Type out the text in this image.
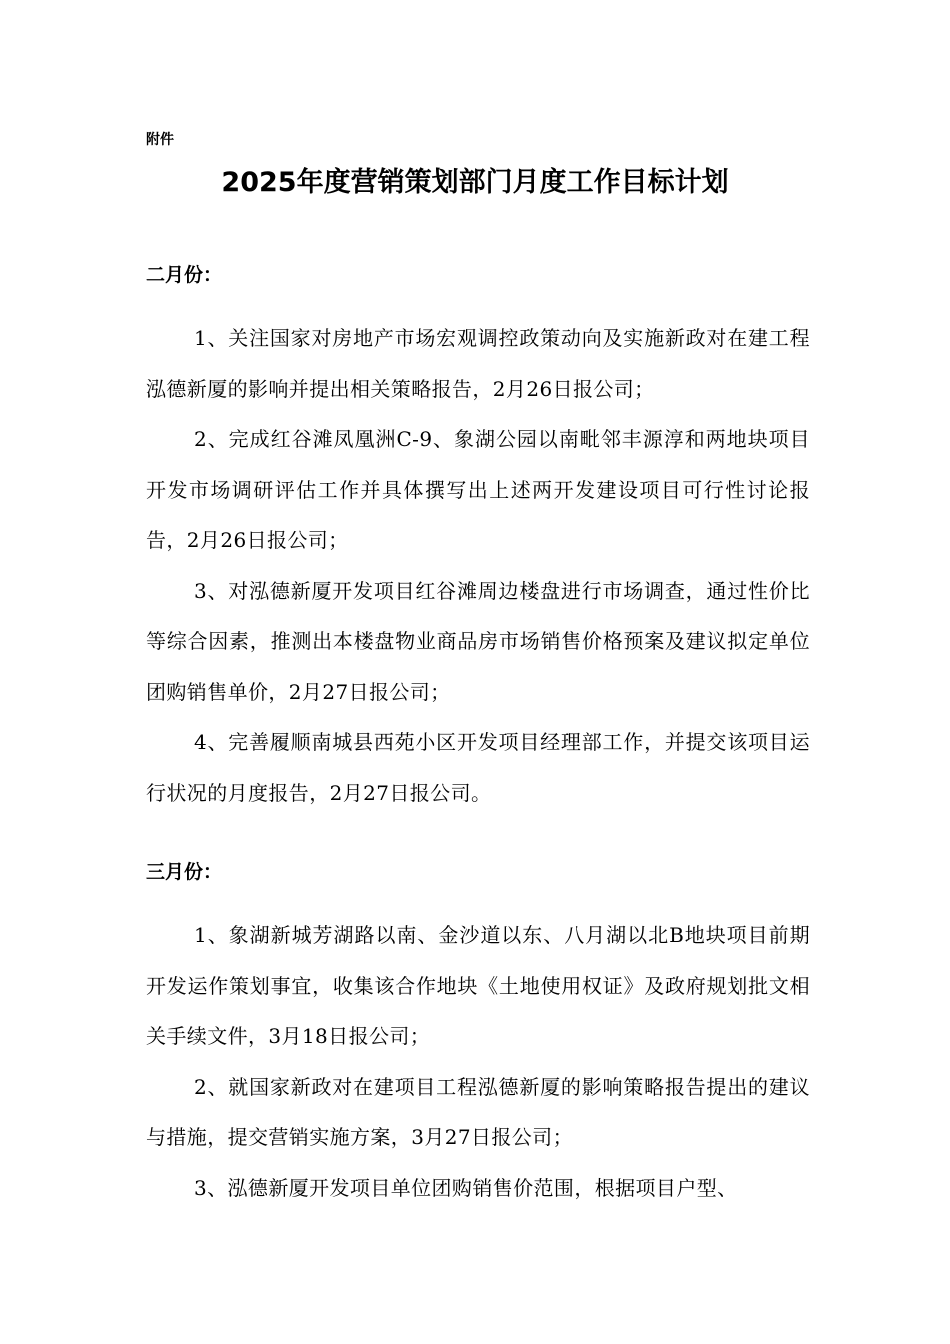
附件
2025年度营销策划部门月度工作目标计划
二月份：

1、关注国家对房地产市场宏观调控政策动向及实施新政对在建工程泓德新厦的影响并提出相关策略报告，2月26日报公司；

2、完成红谷滩凤凰洲C-9、象湖公园以南毗邻丰源淳和两地块项目开发市场调研评估工作并具体撰写出上述两开发建设项目可行性讨论报告，2月26日报公司；

3、对泓德新厦开发项目红谷滩周边楼盘进行市场调查，通过性价比等综合因素，推测出本楼盘物业商品房市场销售价格预案及建议拟定单位团购销售单价，2月27日报公司；

4、完善履顺南城县西苑小区开发项目经理部工作，并提交该项目运行状况的月度报告，2月27日报公司。

三月份：

1、象湖新城芳湖路以南、金沙道以东、八月湖以北B地块项目前期开发运作策划事宜，收集该合作地块《土地使用权证》及政府规划批文相关手续文件，3月18日报公司；

2、就国家新政对在建项目工程泓德新厦的影响策略报告提出的建议与措施，提交营销实施方案，3月27日报公司；

3、泓德新厦开发项目单位团购销售价范围，根据项目户型、
